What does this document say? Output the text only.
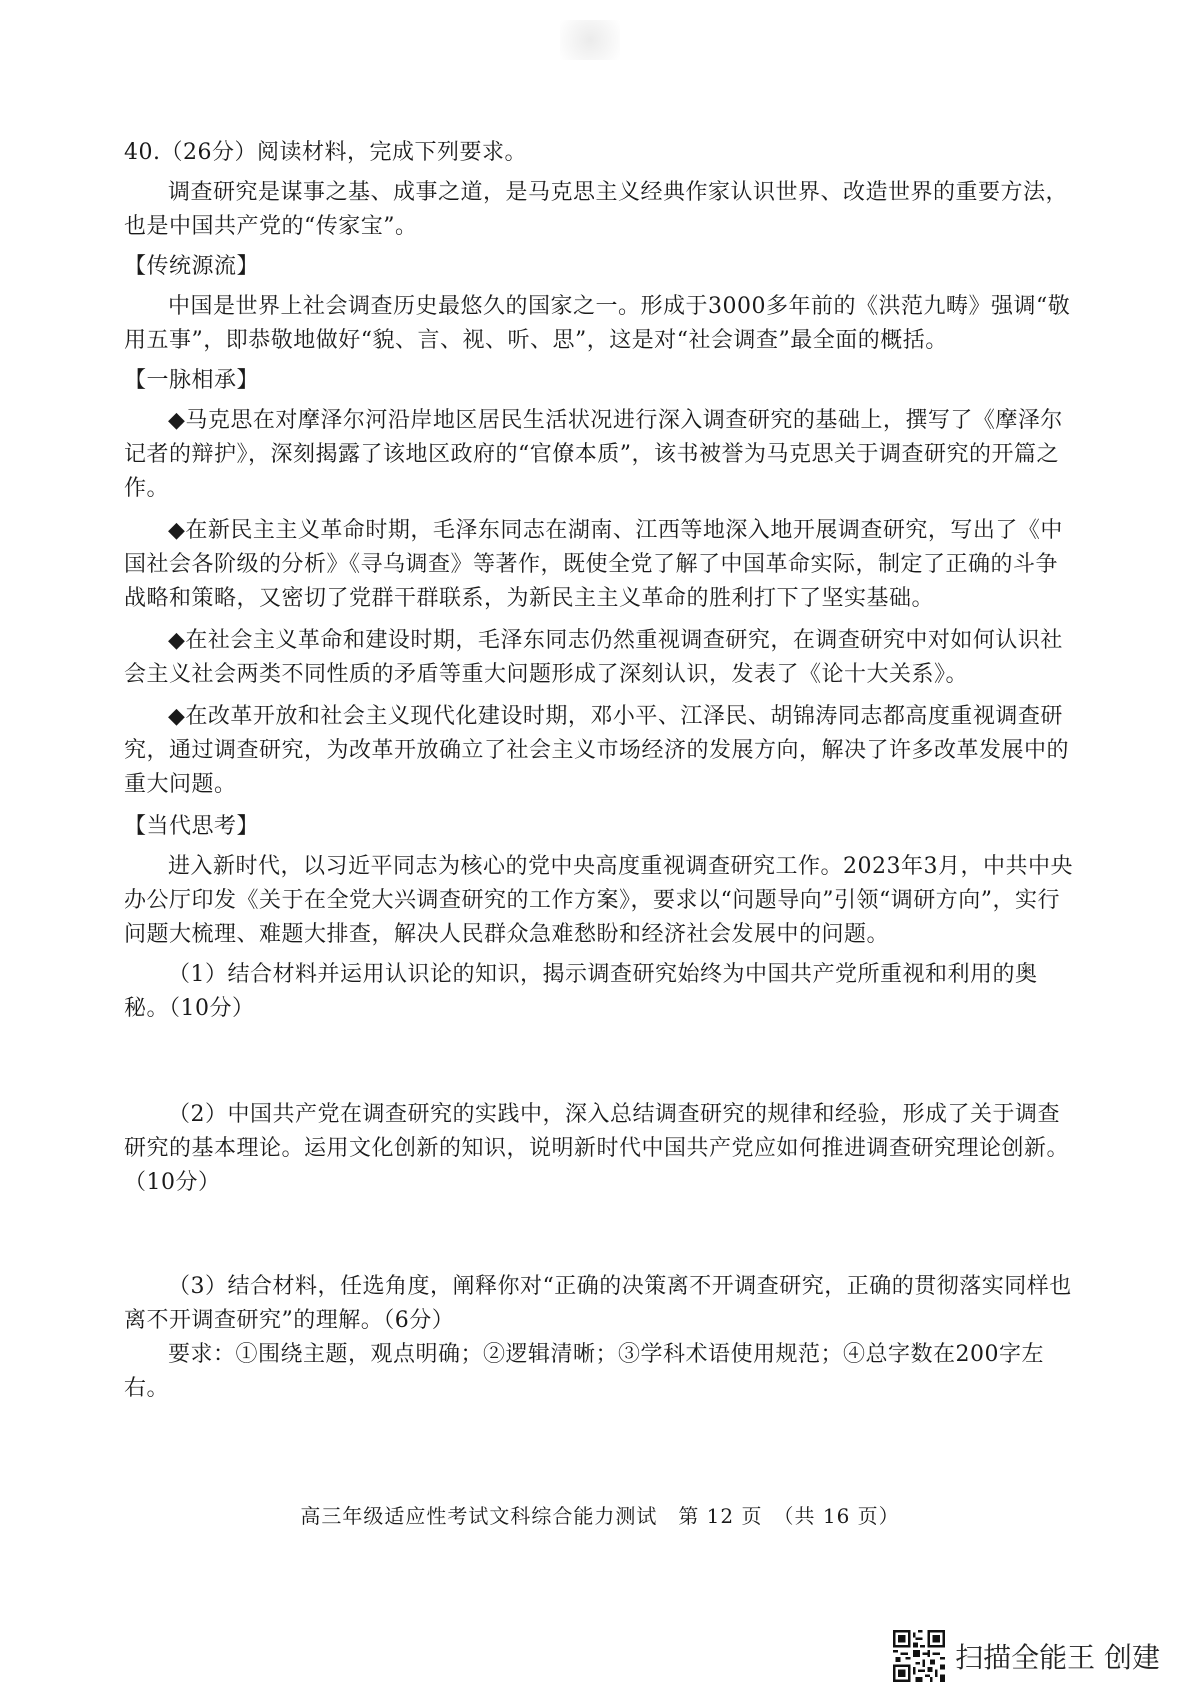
40.（26分）阅读材料，完成下列要求。

调查研究是谋事之基、成事之道，是马克思主义经典作家认识世界、改造世界的重要方法，也是中国共产党的“传家宝”。

【传统源流】

中国是世界上社会调查历史最悠久的国家之一。形成于3000多年前的《洪范九畴》强调“敬用五事”，即恭敬地做好“貌、言、视、听、思”，这是对“社会调查”最全面的概括。

【一脉相承】

◆马克思在对摩泽尔河沿岸地区居民生活状况进行深入调查研究的基础上，撰写了《摩泽尔记者的辩护》，深刻揭露了该地区政府的“官僚本质”，该书被誉为马克思关于调查研究的开篇之作。

◆在新民主主义革命时期，毛泽东同志在湖南、江西等地深入地开展调查研究，写出了《中国社会各阶级的分析》《寻乌调查》等著作，既使全党了解了中国革命实际，制定了正确的斗争战略和策略，又密切了党群干群联系，为新民主主义革命的胜利打下了坚实基础。

◆在社会主义革命和建设时期，毛泽东同志仍然重视调查研究，在调查研究中对如何认识社会主义社会两类不同性质的矛盾等重大问题形成了深刻认识，发表了《论十大关系》。

◆在改革开放和社会主义现代化建设时期，邓小平、江泽民、胡锦涛同志都高度重视调查研究，通过调查研究，为改革开放确立了社会主义市场经济的发展方向，解决了许多改革发展中的重大问题。

【当代思考】

进入新时代，以习近平同志为核心的党中央高度重视调查研究工作。2023年3月，中共中央办公厅印发《关于在全党大兴调查研究的工作方案》，要求以“问题导向”引领“调研方向”，实行问题大梳理、难题大排查，解决人民群众急难愁盼和经济社会发展中的问题。

（1）结合材料并运用认识论的知识，揭示调查研究始终为中国共产党所重视和利用的奥秘。（10分）

（2）中国共产党在调查研究的实践中，深入总结调查研究的规律和经验，形成了关于调查研究的基本理论。运用文化创新的知识，说明新时代中国共产党应如何推进调查研究理论创新。（10分）

（3）结合材料，任选角度，阐释你对“正确的决策离不开调查研究，正确的贯彻落实同样也离不开调查研究”的理解。（6分）

要求：①围绕主题，观点明确；②逻辑清晰；③学科术语使用规范；④总字数在200字左右。

高三年级适应性考试文科综合能力测试　第 12 页　（共 16 页）
扫描全能王 创建
